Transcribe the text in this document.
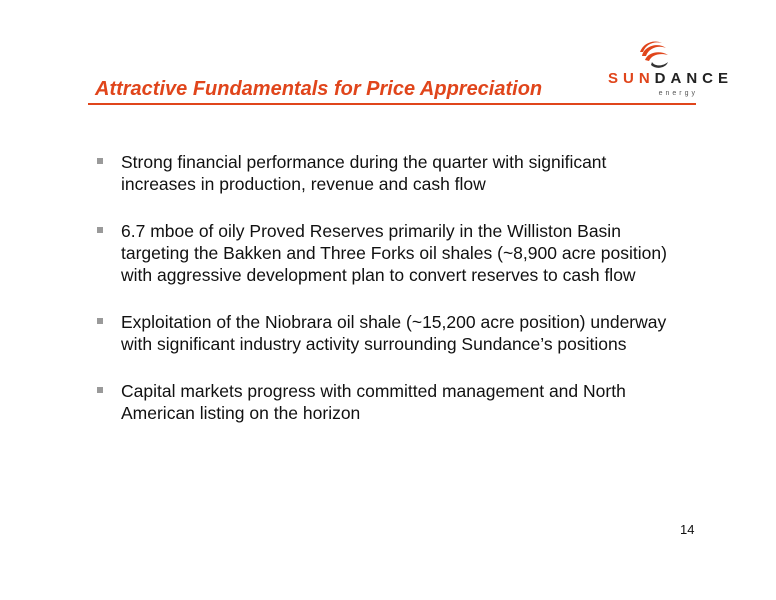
Attractive Fundamentals for Price Appreciation	SUNDANCE
energy
Strong financial performance during the quarter with significant increases in production, revenue and cash flow
6.7 mboe of oily Proved Reserves primarily in the Williston Basin targeting the Bakken and Three Forks oil shales (~8,900 acre position) with aggressive development plan to convert reserves to cash flow
Exploitation of the Niobrara oil shale (~15,200 acre position) underway with significant industry activity surrounding Sundance’s positions
Capital markets progress with committed management and North American listing on the horizon
14
